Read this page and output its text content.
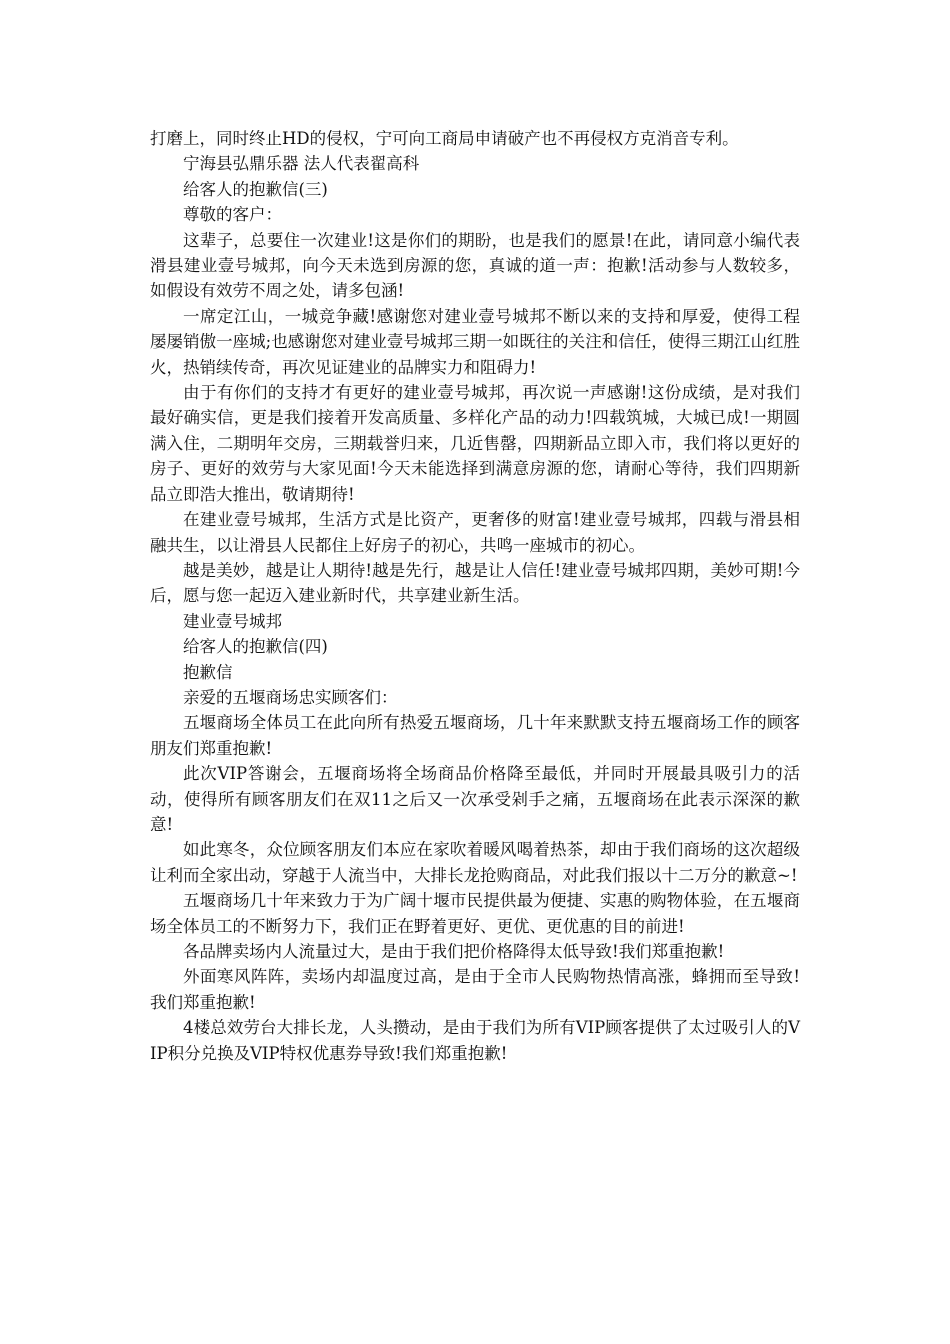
打磨上，同时终止HD的侵权，宁可向工商局申请破产也不再侵权方克消音专利。

宁海县弘鼎乐器 法人代表翟高科

给客人的抱歉信(三)

尊敬的客户：

这辈子，总要住一次建业!这是你们的期盼，也是我们的愿景!在此，请同意小编代表滑县建业壹号城邦，向今天未选到房源的您，真诚的道一声：抱歉!活动参与人数较多，如假设有效劳不周之处，请多包涵!

一席定江山，一城竞争藏!感谢您对建业壹号城邦不断以来的支持和厚爱，使得工程屡屡销傲一座城;也感谢您对建业壹号城邦三期一如既往的关注和信任，使得三期江山红胜火，热销续传奇，再次见证建业的品牌实力和阻碍力!

由于有你们的支持才有更好的建业壹号城邦，再次说一声感谢!这份成绩，是对我们最好确实信，更是我们接着开发高质量、多样化产品的动力!四载筑城，大城已成!一期圆满入住，二期明年交房，三期载誉归来，几近售罄，四期新品立即入市，我们将以更好的房子、更好的效劳与大家见面!今天未能选择到满意房源的您，请耐心等待，我们四期新品立即浩大推出，敬请期待!

在建业壹号城邦，生活方式是比资产，更奢侈的财富!建业壹号城邦，四载与滑县相融共生，以让滑县人民都住上好房子的初心，共鸣一座城市的初心。

越是美妙，越是让人期待!越是先行，越是让人信任!建业壹号城邦四期，美妙可期!今后，愿与您一起迈入建业新时代，共享建业新生活。

建业壹号城邦

给客人的抱歉信(四)

抱歉信

亲爱的五堰商场忠实顾客们：

五堰商场全体员工在此向所有热爱五堰商场，几十年来默默支持五堰商场工作的顾客朋友们郑重抱歉!

此次VIP答谢会，五堰商场将全场商品价格降至最低，并同时开展最具吸引力的活动，使得所有顾客朋友们在双11之后又一次承受剁手之痛，五堰商场在此表示深深的歉意!

如此寒冬，众位顾客朋友们本应在家吹着暖风喝着热茶，却由于我们商场的这次超级让利而全家出动，穿越于人流当中，大排长龙抢购商品，对此我们报以十二万分的歉意~!

五堰商场几十年来致力于为广阔十堰市民提供最为便捷、实惠的购物体验，在五堰商场全体员工的不断努力下，我们正在野着更好、更优、更优惠的目的前进!

各品牌卖场内人流量过大，是由于我们把价格降得太低导致!我们郑重抱歉!

外面寒风阵阵，卖场内却温度过高，是由于全市人民购物热情高涨，蜂拥而至导致!我们郑重抱歉!

4楼总效劳台大排长龙，人头攒动，是由于我们为所有VIP顾客提供了太过吸引人的VIP积分兑换及VIP特权优惠券导致!我们郑重抱歉!
